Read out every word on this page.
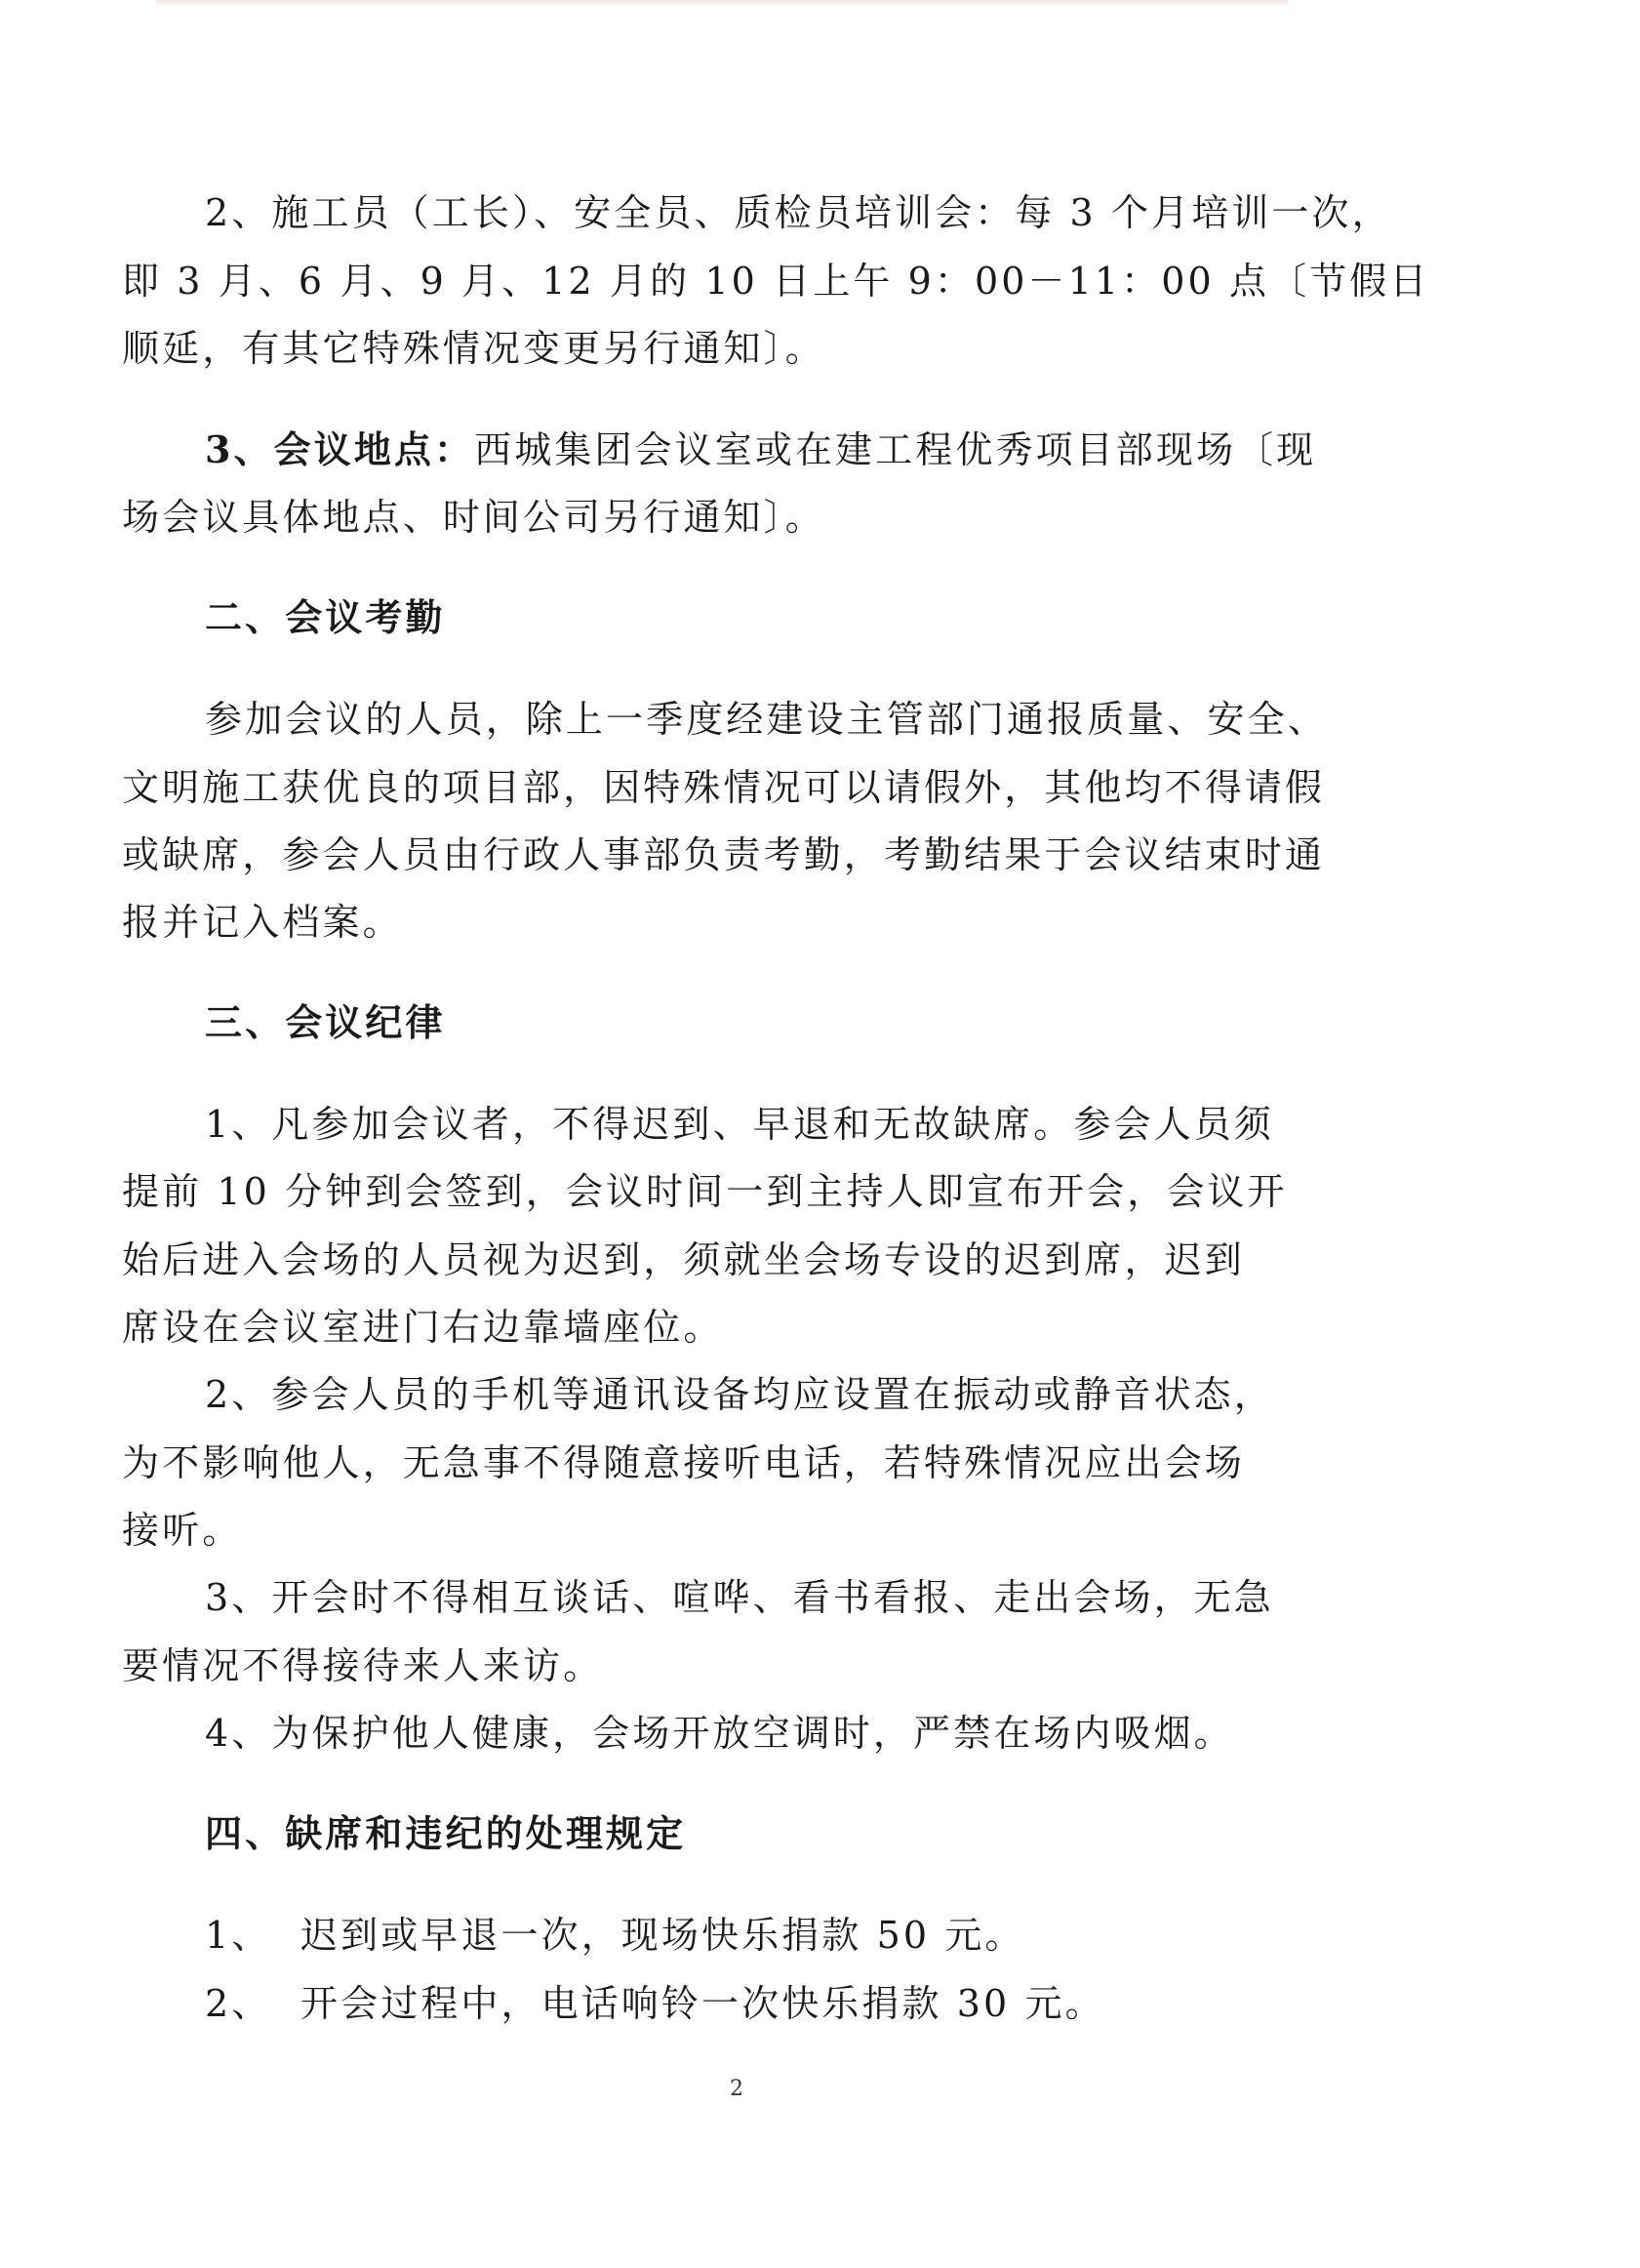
2、施工员（工长）、安全员、质检员培训会：每 3 个月培训一次，

即 3 月、6 月、9 月、12 月的 10 日上午 9：00－11：00 点〔节假日

顺延，有其它特殊情况变更另行通知〕。

3、会议地点：西城集团会议室或在建工程优秀项目部现场〔现

场会议具体地点、时间公司另行通知〕。

二、会议考勤

参加会议的人员，除上一季度经建设主管部门通报质量、安全、

文明施工获优良的项目部，因特殊情况可以请假外，其他均不得请假

或缺席，参会人员由行政人事部负责考勤，考勤结果于会议结束时通

报并记入档案。

三、会议纪律

1、凡参加会议者，不得迟到、早退和无故缺席。参会人员须

提前 10 分钟到会签到，会议时间一到主持人即宣布开会，会议开

始后进入会场的人员视为迟到，须就坐会场专设的迟到席，迟到

席设在会议室进门右边靠墙座位。

2、参会人员的手机等通讯设备均应设置在振动或静音状态，

为不影响他人，无急事不得随意接听电话，若特殊情况应出会场

接听。

3、开会时不得相互谈话、喧哗、看书看报、走出会场，无急

要情况不得接待来人来访。

4、为保护他人健康，会场开放空调时，严禁在场内吸烟。

四、缺席和违纪的处理规定

1、 迟到或早退一次，现场快乐捐款 50 元。

2、 开会过程中，电话响铃一次快乐捐款 30 元。

2
